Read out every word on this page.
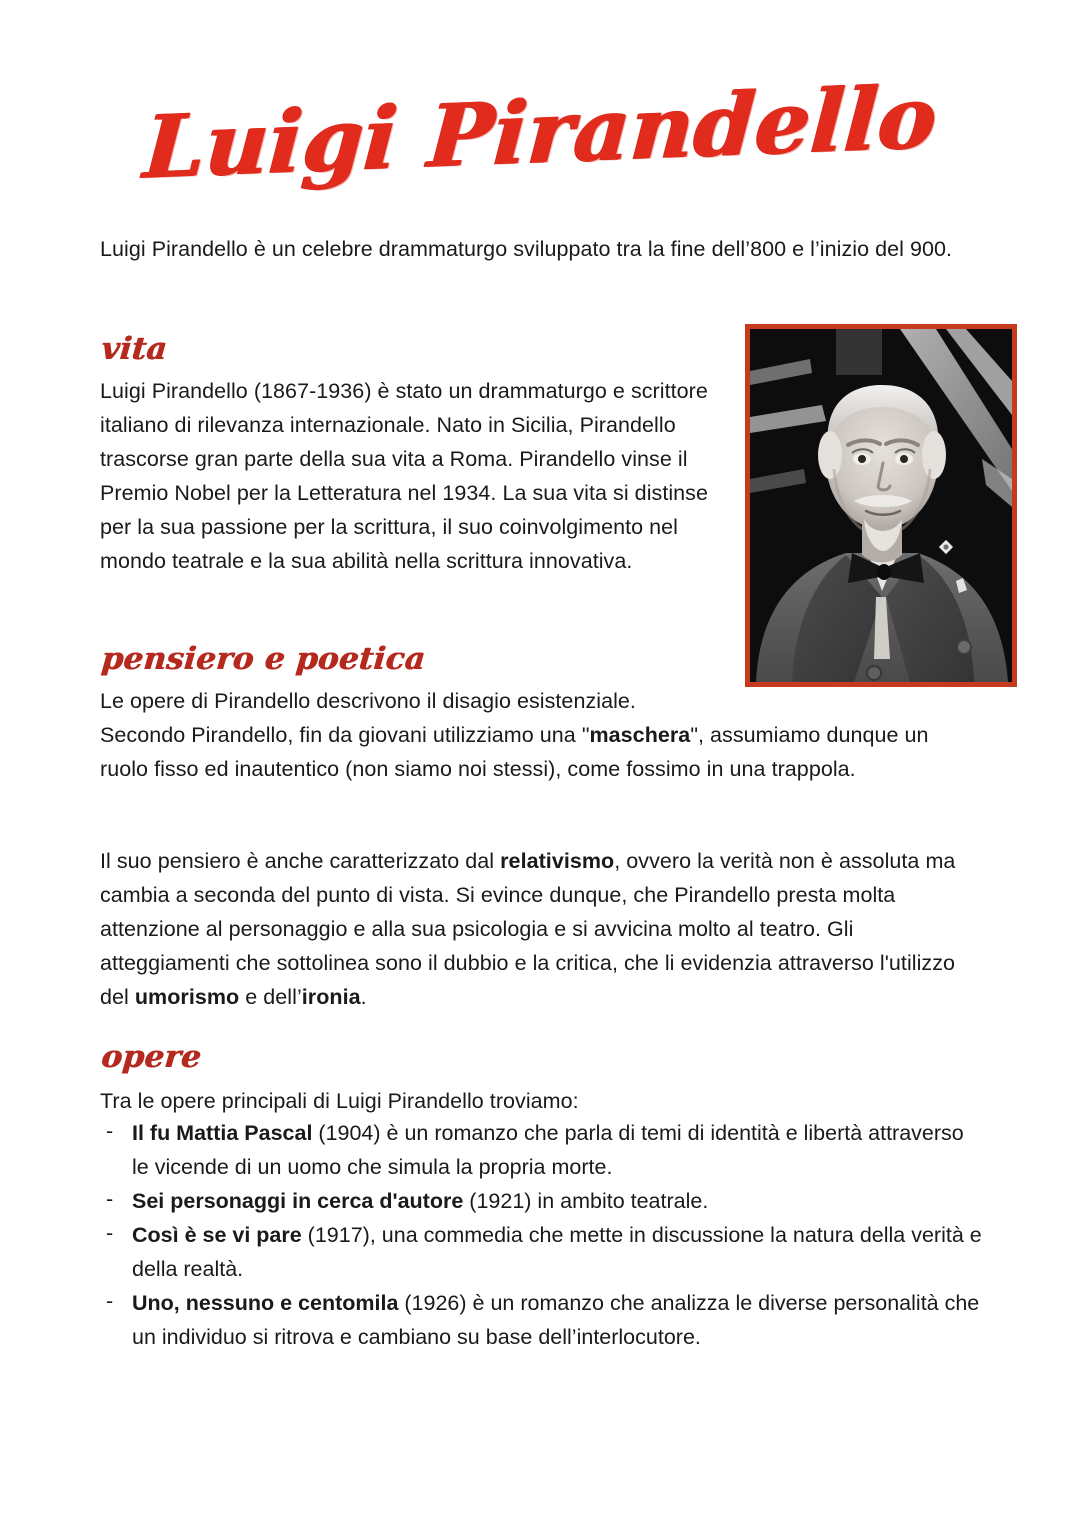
Luigi Pirandello

Luigi Pirandello è un celebre drammaturgo sviluppato tra la fine dell’800 e l’inizio del 900.

vita

Luigi Pirandello (1867-1936) è stato un drammaturgo e scrittore italiano di rilevanza internazionale. Nato in Sicilia, Pirandello trascorse gran parte della sua vita a Roma. Pirandello vinse il Premio Nobel per la Letteratura nel 1934. La sua vita si distinse per la sua passione per la scrittura, il suo coinvolgimento nel mondo teatrale e la sua abilità nella scrittura innovativa.

pensiero e poetica

Le opere di Pirandello descrivono il disagio esistenziale.
Secondo Pirandello, fin da giovani utilizziamo una "maschera", assumiamo dunque un ruolo fisso ed inautentico (non siamo noi stessi), come fossimo in una trappola.

Il suo pensiero è anche caratterizzato dal relativismo, ovvero la verità non è assoluta ma cambia a seconda del punto di vista. Si evince dunque, che Pirandello presta molta attenzione al personaggio e alla sua psicologia e si avvicina molto al teatro. Gli atteggiamenti che sottolinea sono il dubbio e la critica, che li evidenzia attraverso l'utilizzo del umorismo e dell’ironia.

opere

Tra le opere principali di Luigi Pirandello troviamo:

- Il fu Mattia Pascal (1904) è un romanzo che parla di temi di identità e libertà attraverso le vicende di un uomo che simula la propria morte.
- Sei personaggi in cerca d'autore (1921) in ambito teatrale.
- Così è se vi pare (1917), una commedia che mette in discussione la natura della verità e della realtà.
- Uno, nessuno e centomila (1926) è un romanzo che analizza le diverse personalità che un individuo si ritrova e cambiano su base dell’interlocutore.
